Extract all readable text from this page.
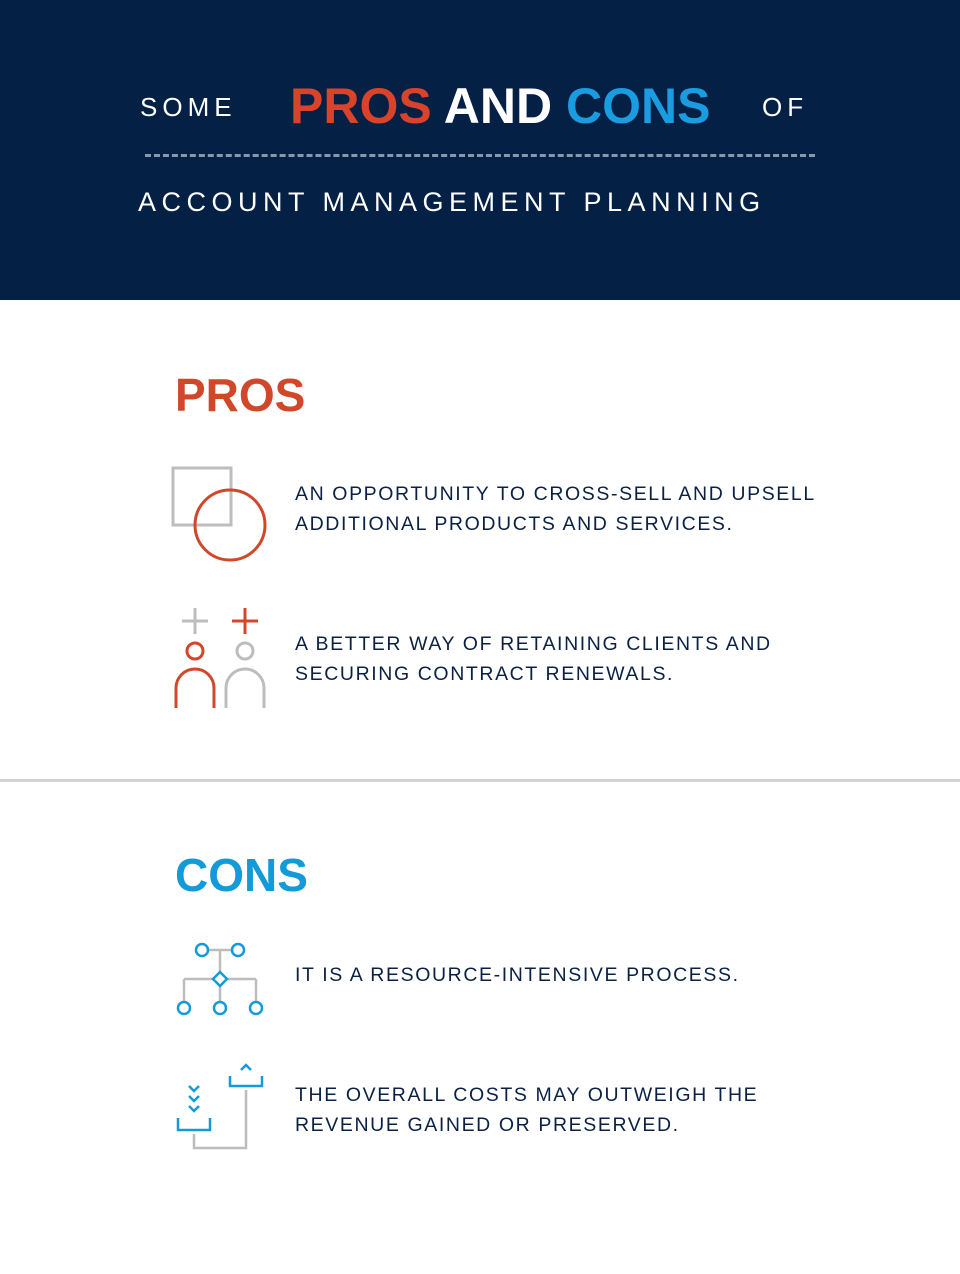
SOME PROS AND CONS OF
ACCOUNT MANAGEMENT PLANNING
PROS
AN OPPORTUNITY TO CROSS-SELL AND UPSELL
ADDITIONAL PRODUCTS AND SERVICES.
A BETTER WAY OF RETAINING CLIENTS AND
SECURING CONTRACT RENEWALS.
CONS
IT IS A RESOURCE-INTENSIVE PROCESS.
THE OVERALL COSTS MAY OUTWEIGH THE
REVENUE GAINED OR PRESERVED.
